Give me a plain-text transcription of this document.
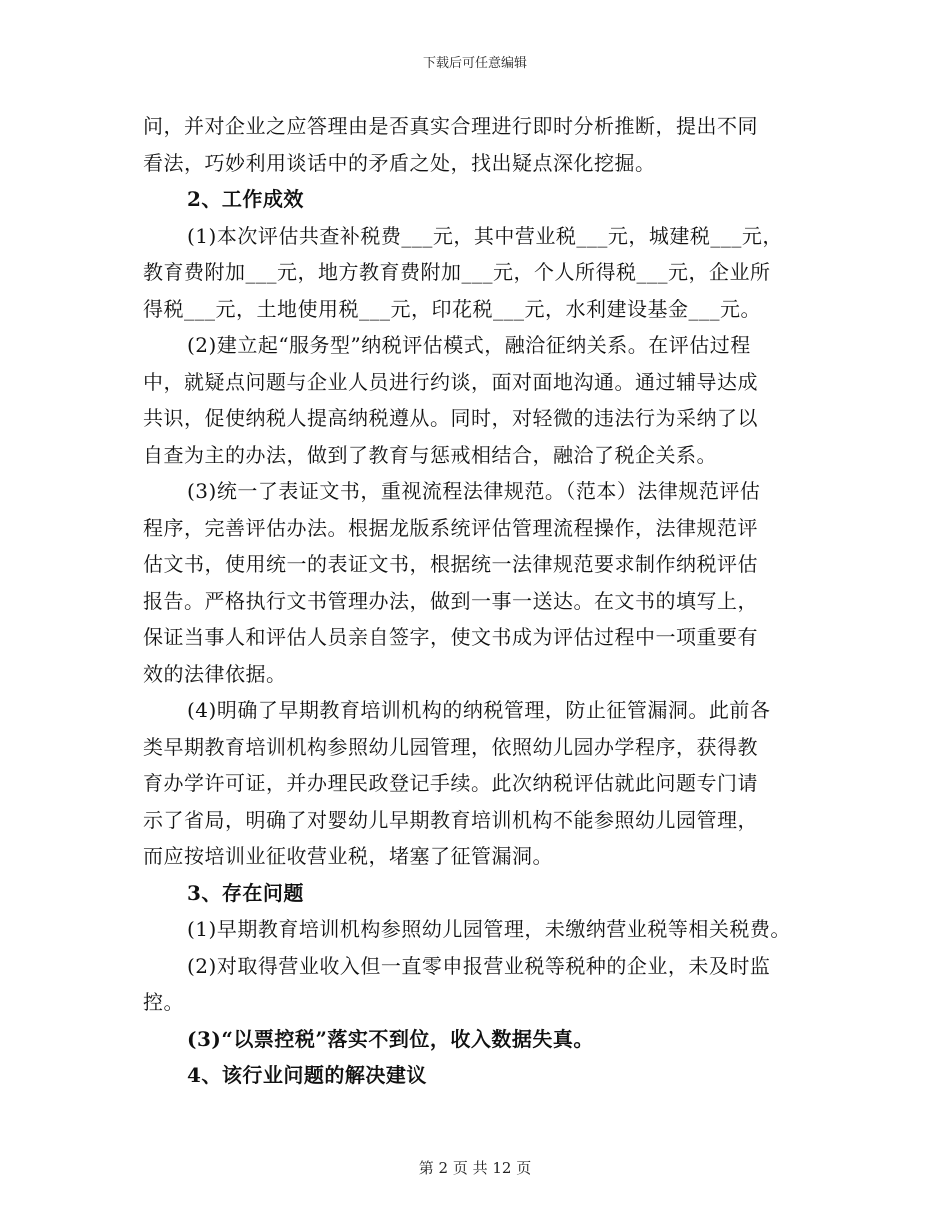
下载后可任意编辑
问，并对企业之应答理由是否真实合理进行即时分析推断，提出不同
看法，巧妙利用谈话中的矛盾之处，找出疑点深化挖掘。
2、工作成效
(1)本次评估共查补税费___元，其中营业税___元，城建税___元，
教育费附加___元，地方教育费附加___元，个人所得税___元，企业所
得税___元，土地使用税___元，印花税___元，水利建设基金___元。
(2)建立起“服务型”纳税评估模式，融洽征纳关系。在评估过程
中，就疑点问题与企业人员进行约谈，面对面地沟通。通过辅导达成
共识，促使纳税人提高纳税遵从。同时，对轻微的违法行为采纳了以
自查为主的办法，做到了教育与惩戒相结合，融洽了税企关系。
(3)统一了表证文书，重视流程法律规范。（范本）法律规范评估
程序，完善评估办法。根据龙版系统评估管理流程操作，法律规范评
估文书，使用统一的表证文书，根据统一法律规范要求制作纳税评估
报告。严格执行文书管理办法，做到一事一送达。在文书的填写上，
保证当事人和评估人员亲自签字，使文书成为评估过程中一项重要有
效的法律依据。
(4)明确了早期教育培训机构的纳税管理，防止征管漏洞。此前各
类早期教育培训机构参照幼儿园管理，依照幼儿园办学程序，获得教
育办学许可证，并办理民政登记手续。此次纳税评估就此问题专门请
示了省局，明确了对婴幼儿早期教育培训机构不能参照幼儿园管理，
而应按培训业征收营业税，堵塞了征管漏洞。
3、存在问题
(1)早期教育培训机构参照幼儿园管理，未缴纳营业税等相关税费。
(2)对取得营业收入但一直零申报营业税等税种的企业，未及时监
控。
(3)“以票控税”落实不到位，收入数据失真。
4、该行业问题的解决建议
第 2 页 共 12 页
